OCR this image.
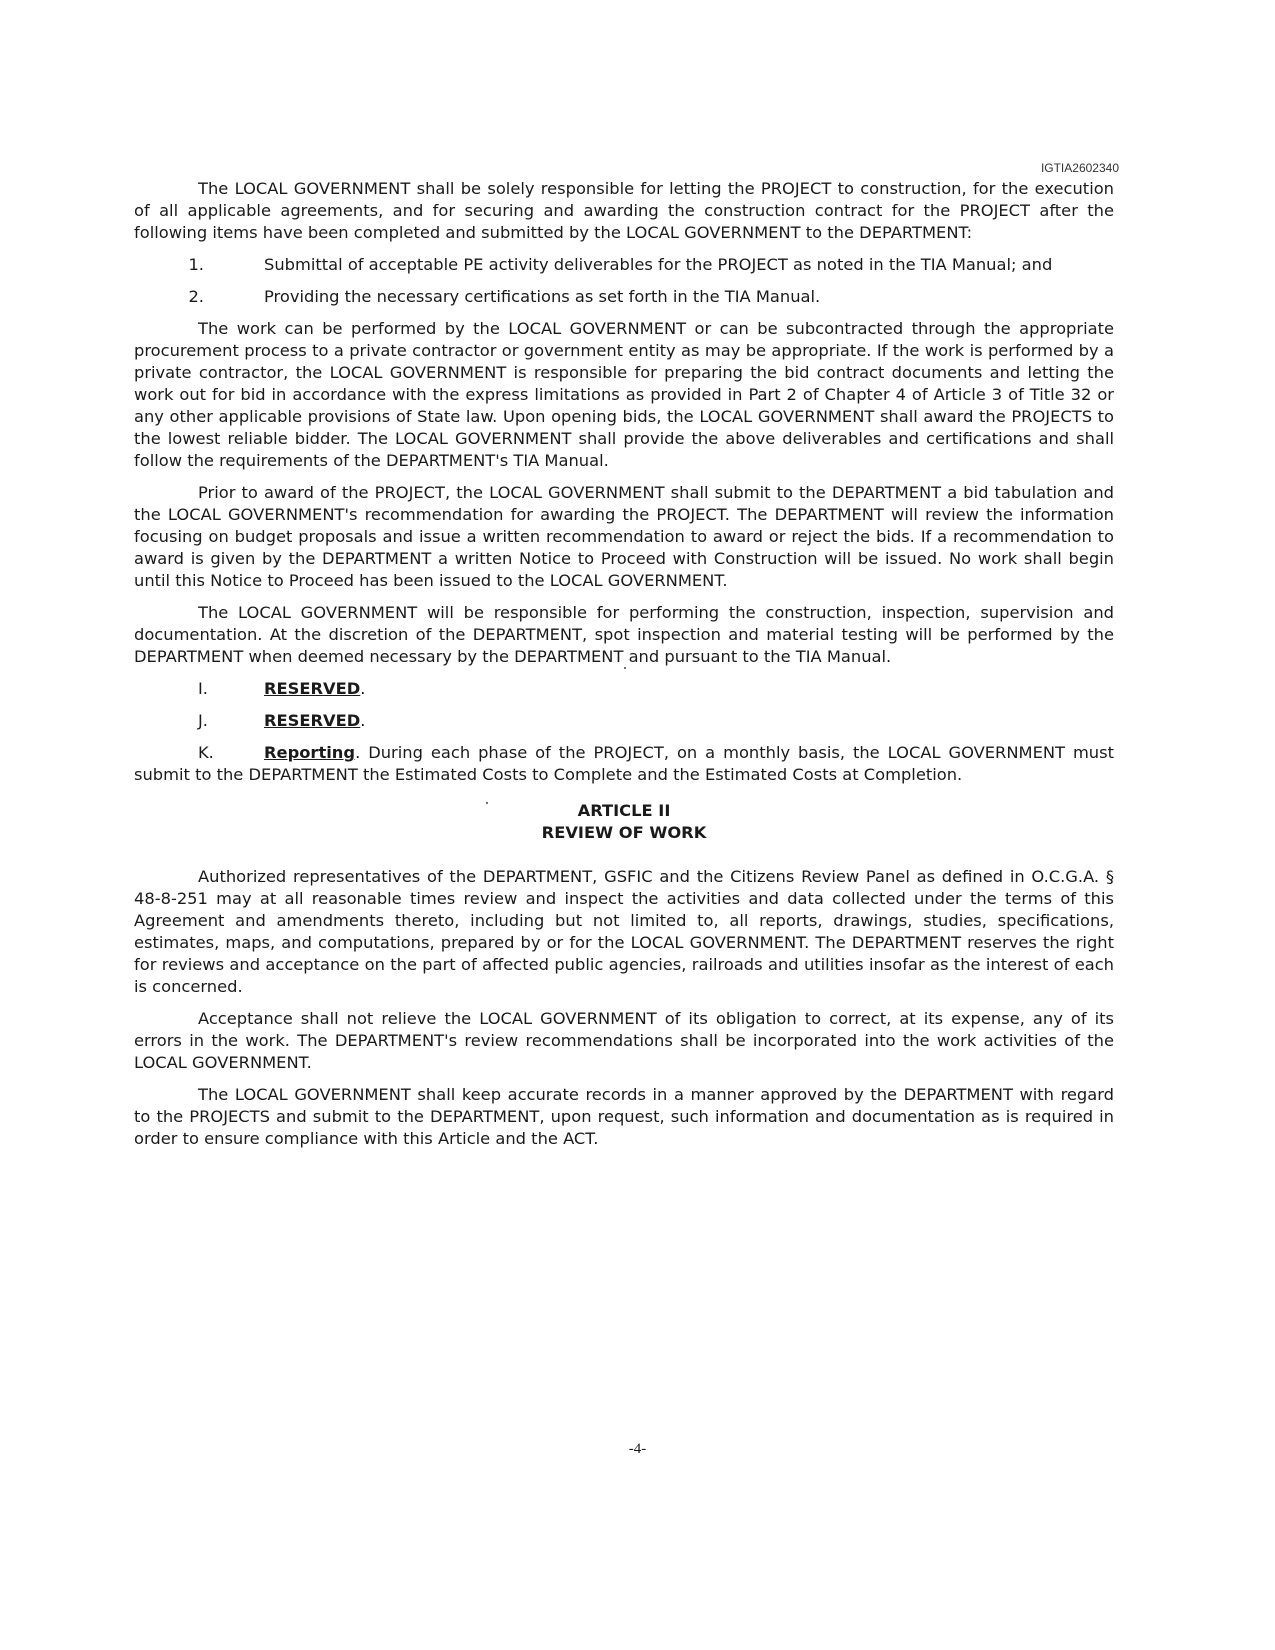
IGTIA2602340

The LOCAL GOVERNMENT shall be solely responsible for letting the PROJECT to construction, for the execution of all applicable agreements, and for securing and awarding the construction contract for the PROJECT after the following items have been completed and submitted by the LOCAL GOVERNMENT to the DEPARTMENT:

1.	Submittal of acceptable PE activity deliverables for the PROJECT as noted in the TIA Manual; and
2.	Providing the necessary certifications as set forth in the TIA Manual.

The work can be performed by the LOCAL GOVERNMENT or can be subcontracted through the appropriate procurement process to a private contractor or government entity as may be appropriate. If the work is performed by a private contractor, the LOCAL GOVERNMENT is responsible for preparing the bid contract documents and letting the work out for bid in accordance with the express limitations as provided in Part 2 of Chapter 4 of Article 3 of Title 32 or any other applicable provisions of State law. Upon opening bids, the LOCAL GOVERNMENT shall award the PROJECTS to the lowest reliable bidder. The LOCAL GOVERNMENT shall provide the above deliverables and certifications and shall follow the requirements of the DEPARTMENT's TIA Manual.

Prior to award of the PROJECT, the LOCAL GOVERNMENT shall submit to the DEPARTMENT a bid tabulation and the LOCAL GOVERNMENT's recommendation for awarding the PROJECT. The DEPARTMENT will review the information focusing on budget proposals and issue a written recommendation to award or reject the bids. If a recommendation to award is given by the DEPARTMENT a written Notice to Proceed with Construction will be issued. No work shall begin until this Notice to Proceed has been issued to the LOCAL GOVERNMENT.

The LOCAL GOVERNMENT will be responsible for performing the construction, inspection, supervision and documentation. At the discretion of the DEPARTMENT, spot inspection and material testing will be performed by the DEPARTMENT when deemed necessary by the DEPARTMENT and pursuant to the TIA Manual.

I.	RESERVED.
J.	RESERVED.

K.	Reporting. During each phase of the PROJECT, on a monthly basis, the LOCAL GOVERNMENT must submit to the DEPARTMENT the Estimated Costs to Complete and the Estimated Costs at Completion.

ARTICLE II
REVIEW OF WORK

Authorized representatives of the DEPARTMENT, GSFIC and the Citizens Review Panel as defined in O.C.G.A. § 48-8-251 may at all reasonable times review and inspect the activities and data collected under the terms of this Agreement and amendments thereto, including but not limited to, all reports, drawings, studies, specifications, estimates, maps, and computations, prepared by or for the LOCAL GOVERNMENT. The DEPARTMENT reserves the right for reviews and acceptance on the part of affected public agencies, railroads and utilities insofar as the interest of each is concerned.

Acceptance shall not relieve the LOCAL GOVERNMENT of its obligation to correct, at its expense, any of its errors in the work. The DEPARTMENT's review recommendations shall be incorporated into the work activities of the LOCAL GOVERNMENT.

The LOCAL GOVERNMENT shall keep accurate records in a manner approved by the DEPARTMENT with regard to the PROJECTS and submit to the DEPARTMENT, upon request, such information and documentation as is required in order to ensure compliance with this Article and the ACT.

-4-
